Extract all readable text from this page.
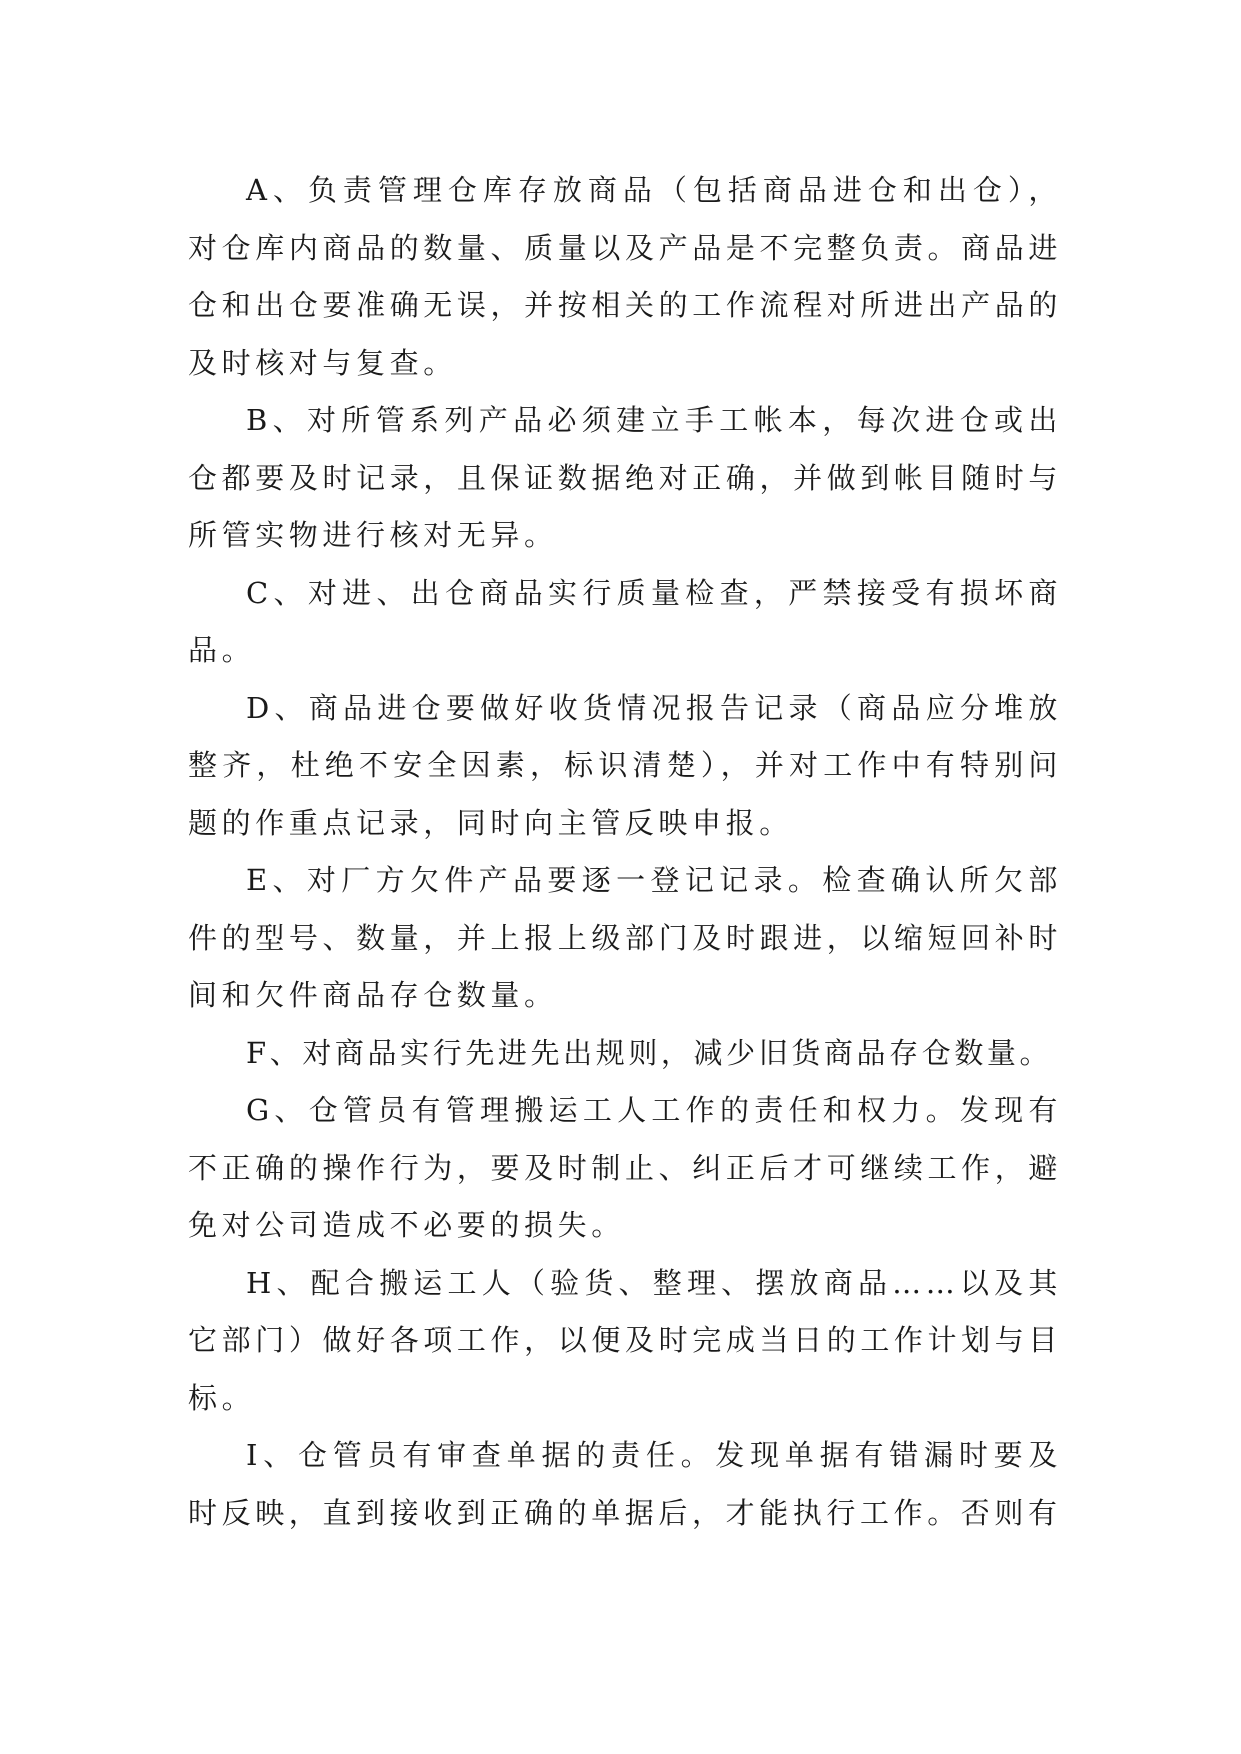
A、负责管理仓库存放商品（包括商品进仓和出仓），对仓库内商品的数量、质量以及产品是不完整负责。商品进仓和出仓要准确无误，并按相关的工作流程对所进出产品的及时核对与复查。

B、对所管系列产品必须建立手工帐本，每次进仓或出仓都要及时记录，且保证数据绝对正确，并做到帐目随时与所管实物进行核对无异。

C、对进、出仓商品实行质量检查，严禁接受有损坏商品。

D、商品进仓要做好收货情况报告记录（商品应分堆放整齐，杜绝不安全因素，标识清楚），并对工作中有特别问题的作重点记录，同时向主管反映申报。

E、对厂方欠件产品要逐一登记记录。检查确认所欠部件的型号、数量，并上报上级部门及时跟进，以缩短回补时间和欠件商品存仓数量。

F、对商品实行先进先出规则，减少旧货商品存仓数量。

G、仓管员有管理搬运工人工作的责任和权力。发现有不正确的操作行为，要及时制止、纠正后才可继续工作，避免对公司造成不必要的损失。

H、配合搬运工人（验货、整理、摆放商品……以及其它部门）做好各项工作，以便及时完成当日的工作计划与目标。

I、仓管员有审查单据的责任。发现单据有错漏时要及时反映，直到接收到正确的单据后，才能执行工作。否则有
